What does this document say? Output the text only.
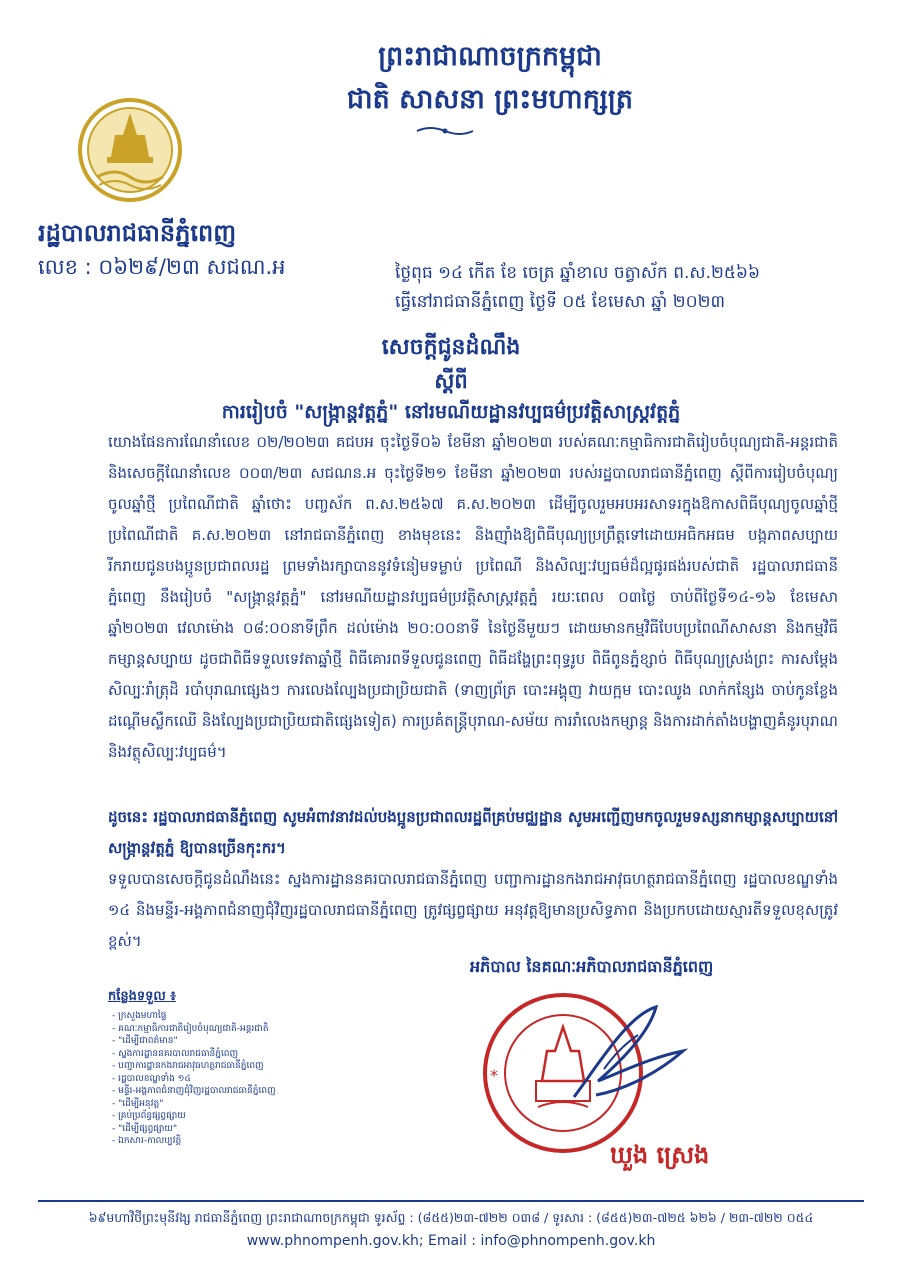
ព្រះរាជាណាចក្រកម្ពុជា
ជាតិ សាសនា ព្រះមហាក្សត្រ
រដ្ឋបាលរាជធានីភ្នំពេញ
លេខ : ០៦២៩/២៣ សជណ.អ	ថ្ងៃពុធ ១៤ កើត ខែ ចេត្រ ឆ្នាំខាល ចត្វាស័ក ព.ស.២៥៦៦
ធ្វើនៅរាជធានីភ្នំពេញ ថ្ងៃទី ០៥ ខែមេសា ឆ្នាំ ២០២៣
សេចក្តីជូនដំណឹង
ស្តីពី
ការរៀបចំ "សង្ក្រាន្តវត្តភ្នំ" នៅរមណីយដ្ឋានវប្បធម៌ប្រវត្តិសាស្រ្តវត្តភ្នំ
យោងផែនការណែនាំលេខ ០២/២០២៣ គជបអ ចុះថ្ងៃទី០៦ ខែមីនា ឆ្នាំ២០២៣ របស់គណៈកម្មាធិការជាតិរៀបចំបុណ្យជាតិ-អន្តរជាតិ និងសេចក្តីណែនាំលេខ ០០៣/២៣ សជណន.អ ចុះថ្ងៃទី២១ ខែមីនា ឆ្នាំ២០២៣ របស់រដ្ឋបាលរាជធានីភ្នំពេញ ស្តីពីការរៀបចំបុណ្យចូលឆ្នាំថ្មី ប្រពៃណីជាតិ ឆ្នាំថោះ បញ្ចស័ក ព.ស.២៥៦៧ គ.ស.២០២៣ ដើម្បីចូលរួមអបអរសាទរក្នុងឱកាសពិធីបុណ្យចូលឆ្នាំថ្មី ប្រពៃណីជាតិ គ.ស.២០២៣ នៅរាជធានីភ្នំពេញ ខាងមុខនេះ និងញ៉ាំងឱ្យពិធីបុណ្យប្រព្រឹត្តទៅដោយអធិកអធម បង្កភាពសប្បាយរីករាយជូនបងប្អូនប្រជាពលរដ្ឋ ព្រមទាំងរក្សាបាននូវទំនៀមទម្លាប់ ប្រពៃណី និងសិល្បៈវប្បធម៌ដ៏ល្អផូរផង់របស់ជាតិ រដ្ឋបាលរាជធានីភ្នំពេញ នឹងរៀបចំ "សង្ក្រាន្តវត្តភ្នំ" នៅរមណីយដ្ឋានវប្បធម៌ប្រវត្តិសាស្រ្តវត្តភ្នំ រយៈពេល ០៣ថ្ងៃ ចាប់ពីថ្ងៃទី១៤-១៦ ខែមេសា ឆ្នាំ២០២៣ វេលាម៉ោង ០៨:០០នាទីព្រឹក ដល់ម៉ោង ២០:០០នាទី នៃថ្ងៃនីមួយៗ ដោយមានកម្មវិធីបែបប្រពៃណីសាសនា និងកម្មវិធីកម្សាន្តសប្បាយ ដូចជាពិធីទទួលទេវតាឆ្នាំថ្មី ពិធីគោរពទីទួលជូនពេញ ពិធីដង្ហែព្រះពុទ្ធរូប ពិធីពូនភ្នំខ្សាច់ ពិធីបុណ្យស្រង់ព្រះ ការសម្តែងសិល្បៈរាំត្រុដិ របាំបុរាណផ្សេងៗ ការលេងល្បែងប្រជាប្រិយជាតិ (ទាញព្រ័ត្រ បោះអង្គុញ វាយក្អម បោះឈូង លាក់កន្សែង ចាប់កូនខ្លែង ដណ្តើមស្លឹកឈើ និងល្បែងប្រជាប្រិយជាតិផ្សេងទៀត) ការប្រគំតន្ត្រីបុរាណ-សម័យ ការរាំលេងកម្សាន្ត និងការដាក់តាំងបង្ហាញគំនូរបុរាណ និងវត្ថុសិល្បៈវប្បធម៌។
ដូចនេះ រដ្ឋបាលរាជធានីភ្នំពេញ សូមអំពាវនាវដល់បងប្អូនប្រជាពលរដ្ឋពីគ្រប់មជ្ឈដ្ឋាន សូមអញ្ជើញមកចូលរួមទស្សនាកម្សាន្តសប្បាយនៅសង្ក្រាន្តវត្តភ្នំ ឱ្យបានច្រើនកុះករ។
ទទួលបានសេចក្តីជូនដំណឹងនេះ ស្នងការដ្ឋាននគរបាលរាជធានីភ្នំពេញ បញ្ជាការដ្ឋានកងរាជអាវុធហត្ថរាជធានីភ្នំពេញ រដ្ឋបាលខណ្ឌទាំង ១៤ និងមន្ទីរ-អង្គភាពជំនាញជុំវិញរដ្ឋបាលរាជធានីភ្នំពេញ ត្រូវផ្សព្វផ្សាយ អនុវត្តឱ្យមានប្រសិទ្ធភាព និងប្រកបដោយស្មារតីទទួលខុសត្រូវខ្ពស់។
អភិបាល នៃគណៈអភិបាលរាជធានីភ្នំពេញ
កន្លែងទទួល ៖
- ក្រសួងមហាផ្ទៃ
- គណៈកម្មាធិការជាតិរៀបចំបុណ្យជាតិ-អន្តរជាតិ
- "ដើម្បីជាពត៌មាន"
- ស្នងការដ្ឋាននគរបាលរាជធានីភ្នំពេញ
- បញ្ជាការដ្ឋានកងរាជអាវុធហត្ថរាជធានីភ្នំពេញ
- រដ្ឋបាលខណ្ឌទាំង ១៤
- មន្ទីរ-អង្គភាពជំនាញជុំវិញរដ្ឋបាលរាជធានីភ្នំពេញ
- "ដើម្បីអនុវត្ត"
- គ្រប់ប្រព័ន្ធផ្សព្វផ្សាយ
- "ដើម្បីផ្សព្វផ្សាយ"
- ឯកសារ-កាលប្បវត្តិ
*
ឃួង ស្រេង
៦៩មហាវិថីព្រះមុនីវង្ស រាជធានីភ្នំពេញ ព្រះរាជាណាចក្រកម្ពុជា ទូរស័ព្ទ : (៨៥៥)២៣-៧២២ ០៣៨ / ទូរសារ : (៨៥៥)២៣-៧២៥ ៦២៦ / ២៣-៧២២ ០៥៤
www.phnompenh.gov.kh; Email : info@phnompenh.gov.kh
